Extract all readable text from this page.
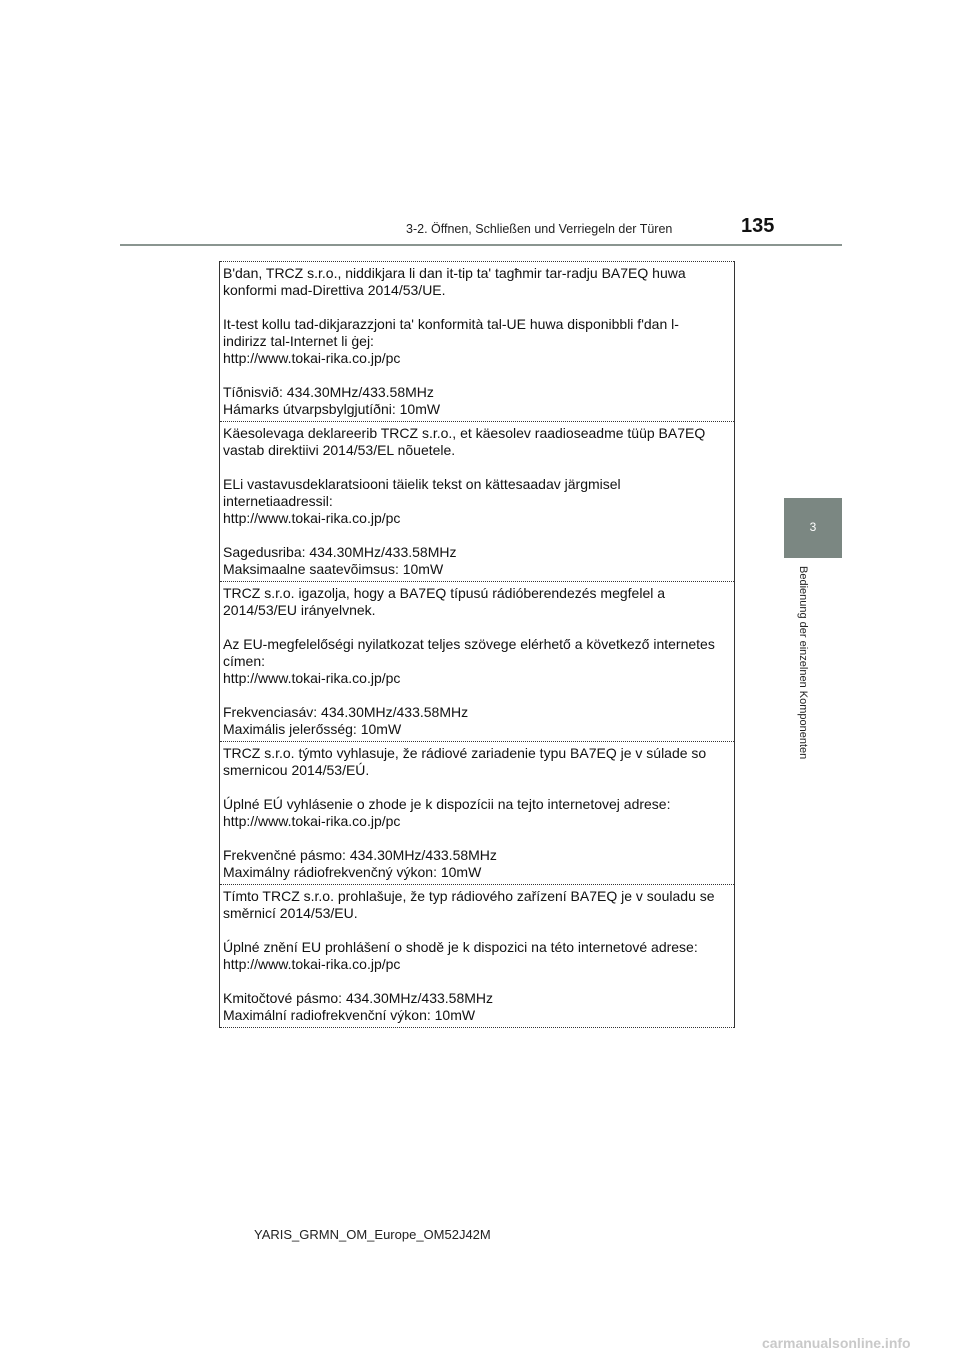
3-2. Öffnen, Schließen und Verriegeln der Türen	135
3
Bedienung der einzelnen Komponenten

B'dan, TRCZ s.r.o., niddikjara li dan it-tip ta' tagħmir tar-radju BA7EQ huwa

konformi mad-Direttiva 2014/53/UE.

It-test kollu tad-dikjarazzjoni ta' konformità tal-UE huwa disponibbli f'dan l-

indirizz tal-Internet li ġej:

http://www.tokai-rika.co.jp/pc

Tíðnisvið: 434.30MHz/433.58MHz

Hámarks útvarpsbylgjutíðni: 10mW

Käesolevaga deklareerib TRCZ s.r.o., et käesolev raadioseadme tüüp BA7EQ

vastab direktiivi 2014/53/EL nõuetele.

ELi vastavusdeklaratsiooni täielik tekst on kättesaadav järgmisel

internetiaadressil:

http://www.tokai-rika.co.jp/pc

Sagedusriba: 434.30MHz/433.58MHz

Maksimaalne saatevõimsus: 10mW

TRCZ s.r.o. igazolja, hogy a BA7EQ típusú rádióberendezés megfelel a

2014/53/EU irányelvnek.

Az EU-megfelelőségi nyilatkozat teljes szövege elérhető a következő internetes

címen:

http://www.tokai-rika.co.jp/pc

Frekvenciasáv: 434.30MHz/433.58MHz

Maximális jelerősség: 10mW

TRCZ s.r.o. týmto vyhlasuje, že rádiové zariadenie typu BA7EQ je v súlade so

smernicou 2014/53/EÚ.

Úplné EÚ vyhlásenie o zhode je k dispozícii na tejto internetovej adrese:

http://www.tokai-rika.co.jp/pc

Frekvenčné pásmo: 434.30MHz/433.58MHz

Maximálny rádiofrekvenčný výkon: 10mW

Tímto TRCZ s.r.o. prohlašuje, že typ rádiového zařízení BA7EQ je v souladu se

směrnicí 2014/53/EU.

Úplné znění EU prohlášení o shodě je k dispozici na této internetové adrese:

http://www.tokai-rika.co.jp/pc

Kmitočtové pásmo: 434.30MHz/433.58MHz

Maximální radiofrekvenční výkon: 10mW

YARIS_GRMN_OM_Europe_OM52J42M
carmanualsonline.info
